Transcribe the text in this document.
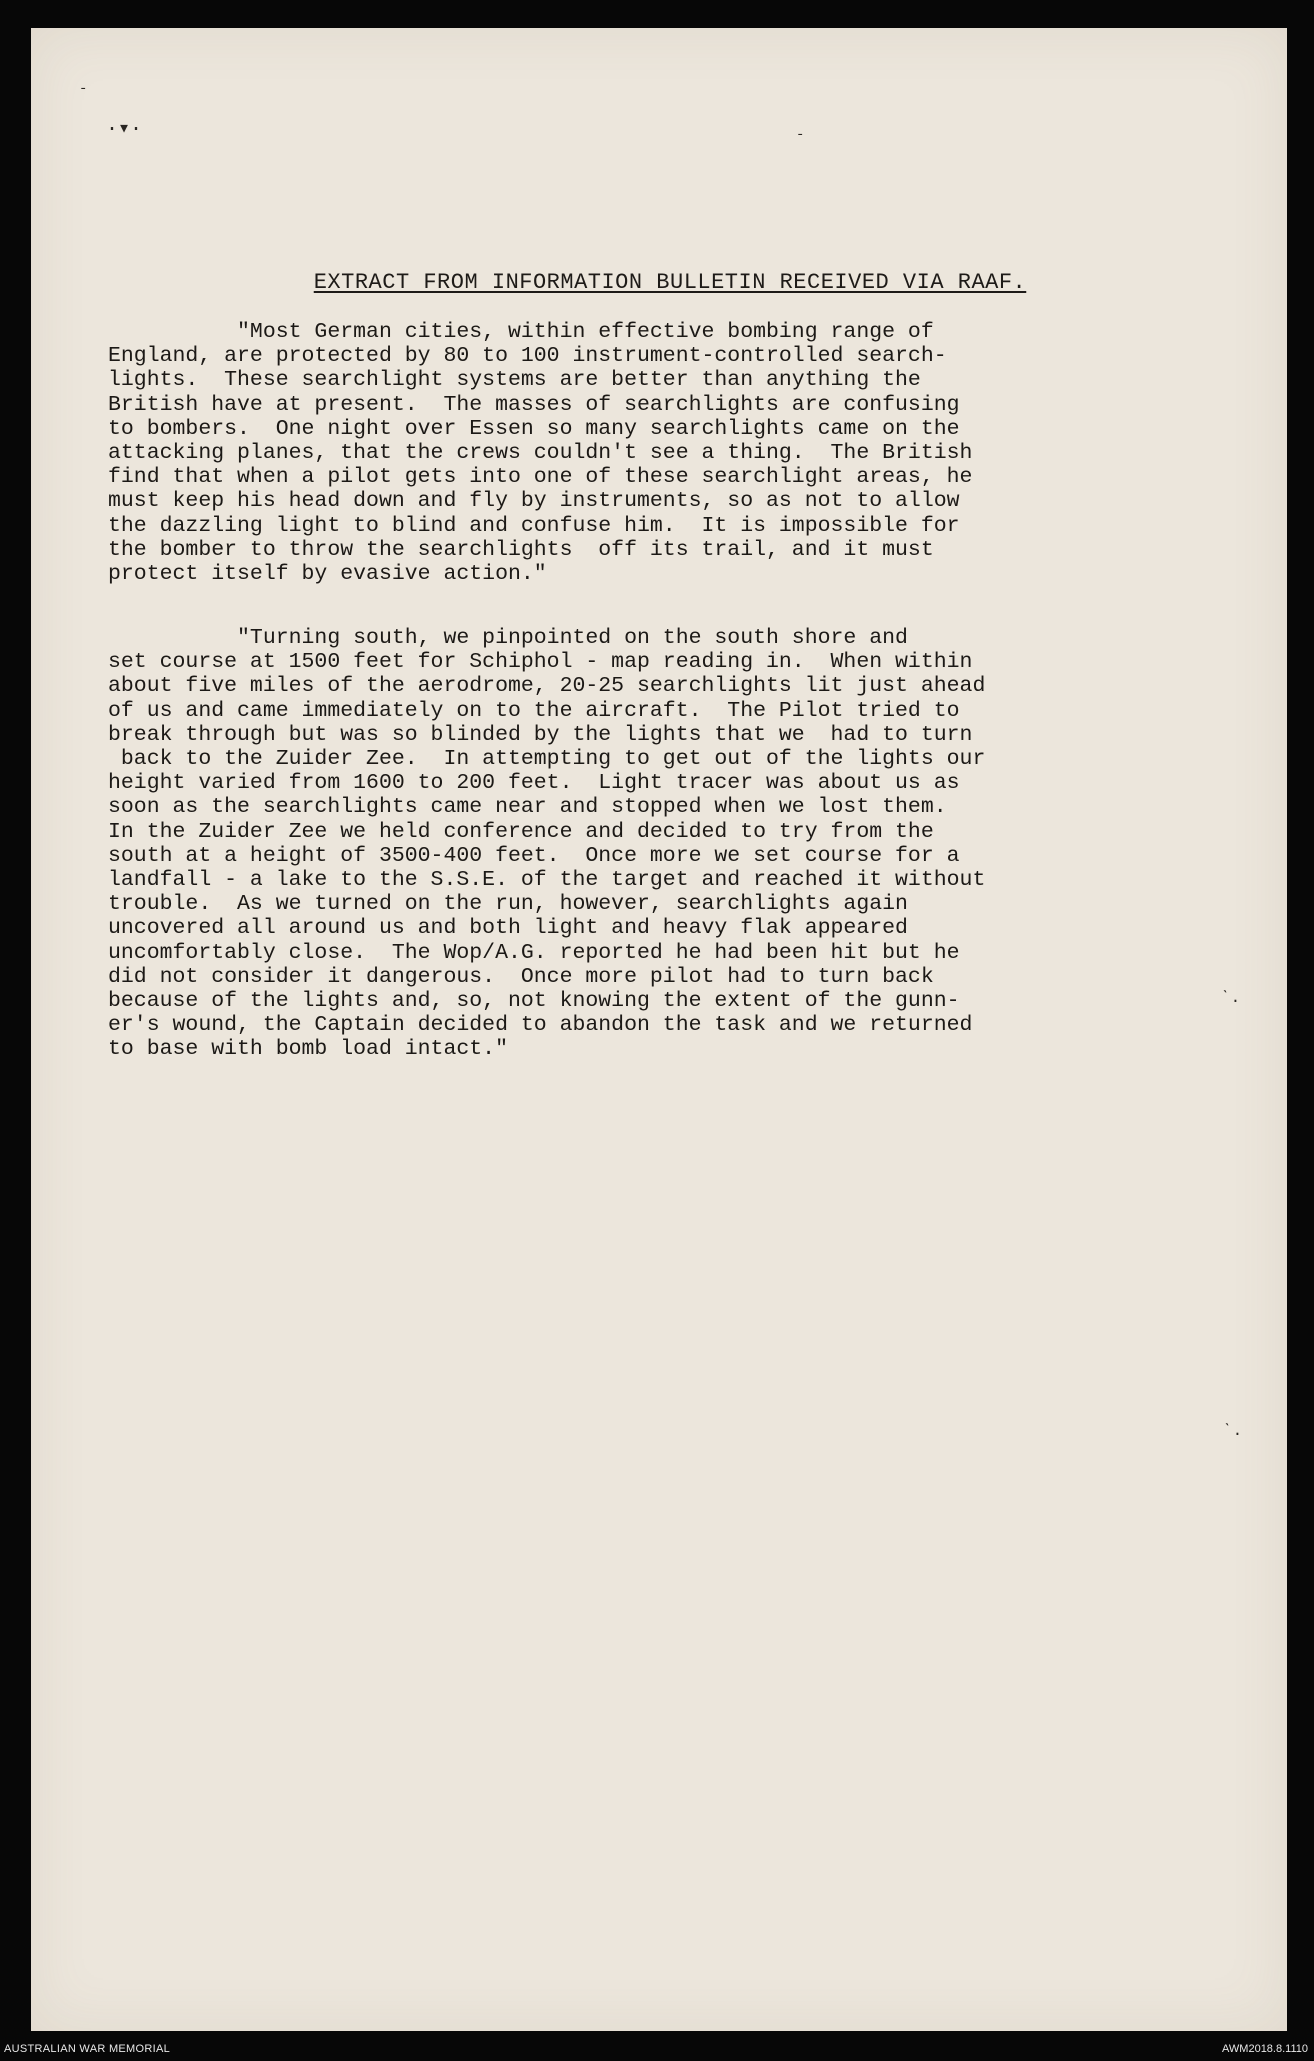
-
·▾·	-
ˋ.
ˋ.
EXTRACT FROM INFORMATION BULLETIN RECEIVED VIA RAAF.
"Most German cities, within effective bombing range of
England, are protected by 80 to 100 instrument-controlled search-
lights.  These searchlight systems are better than anything the
British have at present.  The masses of searchlights are confusing
to bombers.  One night over Essen so many searchlights came on the
attacking planes, that the crews couldn't see a thing.  The British
find that when a pilot gets into one of these searchlight areas, he
must keep his head down and fly by instruments, so as not to allow
the dazzling light to blind and confuse him.  It is impossible for
the bomber to throw the searchlights  off its trail, and it must
protect itself by evasive action."
"Turning south, we pinpointed on the south shore and
set course at 1500 feet for Schiphol - map reading in.  When within
about five miles of the aerodrome, 20-25 searchlights lit just ahead
of us and came immediately on to the aircraft.  The Pilot tried to
break through but was so blinded by the lights that we  had to turn
back to the Zuider Zee.  In attempting to get out of the lights our
height varied from 1600 to 200 feet.  Light tracer was about us as
soon as the searchlights came near and stopped when we lost them.
In the Zuider Zee we held conference and decided to try from the
south at a height of 3500-400 feet.  Once more we set course for a
landfall - a lake to the S.S.E. of the target and reached it without
trouble.  As we turned on the run, however, searchlights again
uncovered all around us and both light and heavy flak appeared
uncomfortably close.  The Wop/A.G. reported he had been hit but he
did not consider it dangerous.  Once more pilot had to turn back
because of the lights and, so, not knowing the extent of the gunn-
er's wound, the Captain decided to abandon the task and we returned
to base with bomb load intact."
AUSTRALIAN WAR MEMORIAL	AWM2018.8.1110
